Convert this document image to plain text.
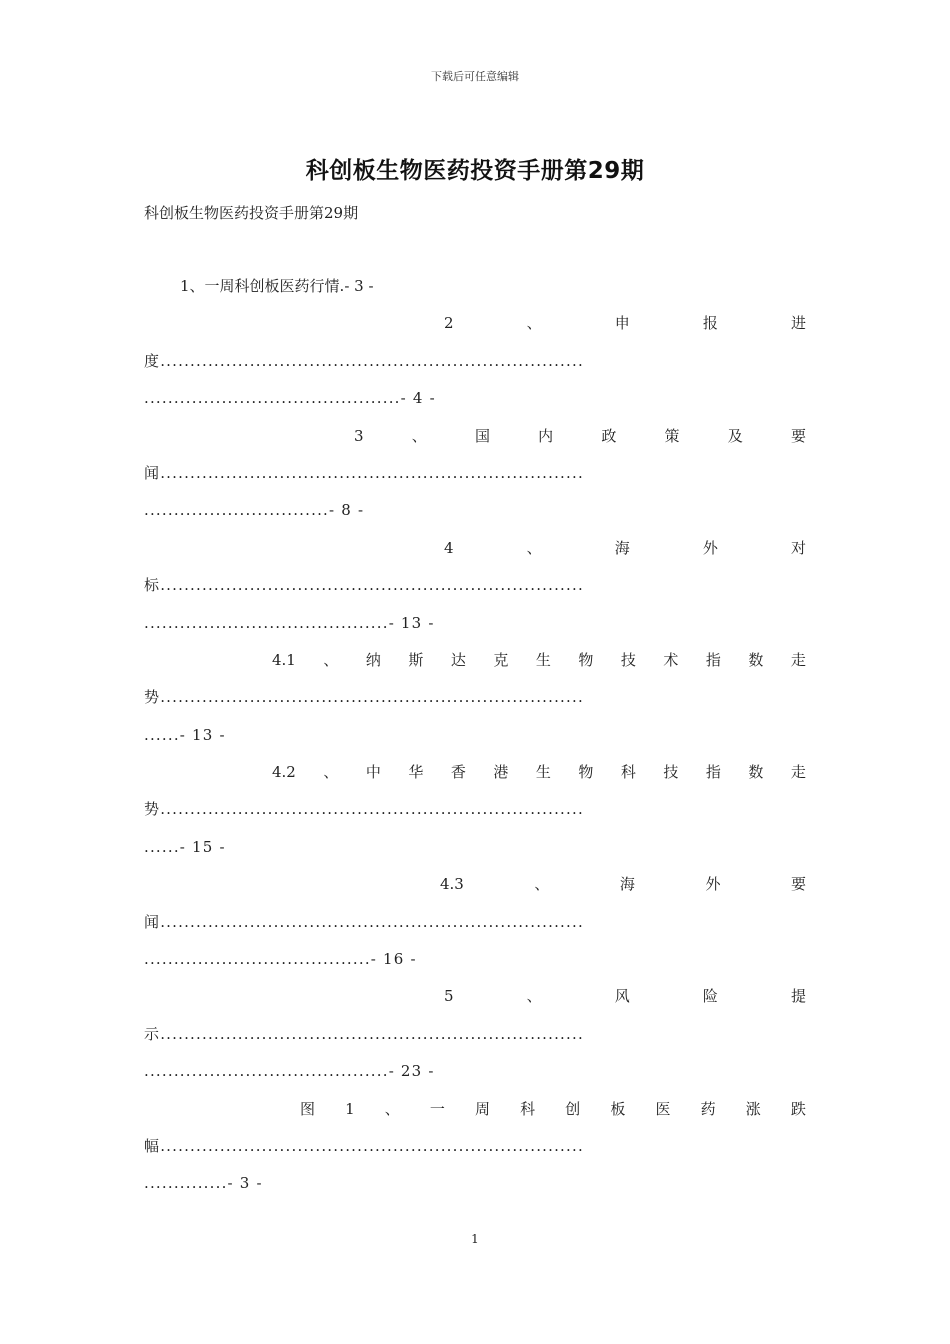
下载后可任意编辑
科创板生物医药投资手册第29期
科创板生物医药投资手册第29期
1、一周科创板医药行情.- 3 -
2	、	申	报	进
度.......................................................................
...........................................- 4 -
3	、	国	内	政	策	及	要
闻.......................................................................
...............................- 8 -
4	、	海	外	对
标.......................................................................
.........................................- 13 -
4.1 、 纳 斯 达 克 生 物 技 术 指 数 走
势.......................................................................
......- 13 -
4.2 、 中 华 香 港 生 物 科 技 指 数 走
势.......................................................................
......- 15 -
4.3	、	海	外	要
闻.......................................................................
......................................- 16 -
5	、	风	险	提
示.......................................................................
.........................................- 23 -
图 1 、 一 周 科 创 板 医 药 涨 跌
幅.......................................................................
..............- 3 -
1
